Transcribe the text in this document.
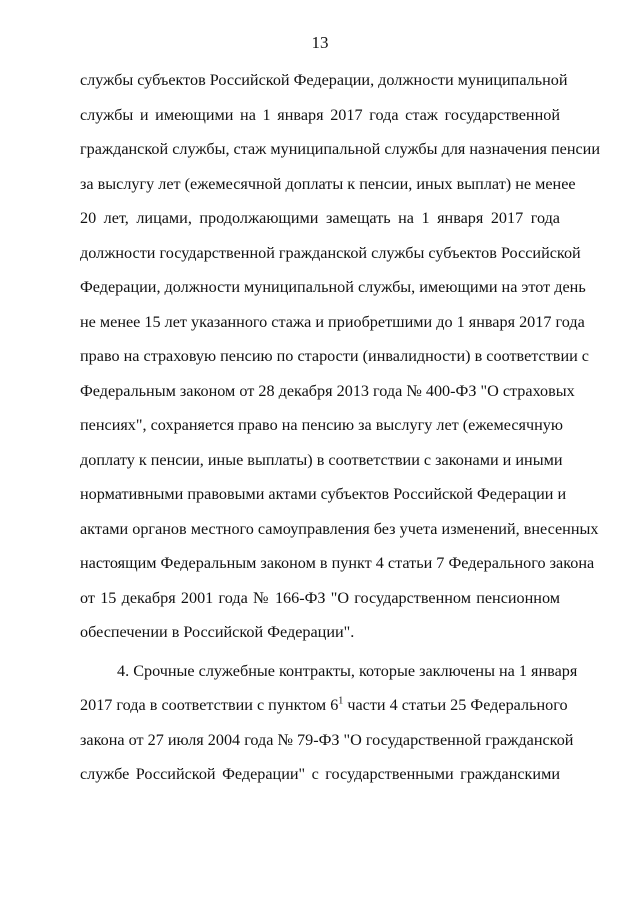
13
службы субъектов Российской Федерации, должности муниципальной
службы и имеющими на 1 января 2017 года стаж государственной
гражданской службы, стаж муниципальной службы для назначения пенсии
за выслугу лет (ежемесячной доплаты к пенсии, иных выплат) не менее
20 лет, лицами, продолжающими замещать на 1 января 2017 года
должности государственной гражданской службы субъектов Российской
Федерации, должности муниципальной службы, имеющими на этот день
не менее 15 лет указанного стажа и приобретшими до 1 января 2017 года
право на страховую пенсию по старости (инвалидности) в соответствии с
Федеральным законом от 28 декабря 2013 года № 400-ФЗ "О страховых
пенсиях", сохраняется право на пенсию за выслугу лет (ежемесячную
доплату к пенсии, иные выплаты) в соответствии с законами и иными
нормативными правовыми актами субъектов Российской Федерации и
актами органов местного самоуправления без учета изменений, внесенных
настоящим Федеральным законом в пункт 4 статьи 7 Федерального закона
от 15 декабря 2001 года № 166-ФЗ "О государственном пенсионном
обеспечении в Российской Федерации".
4. Срочные служебные контракты, которые заключены на 1 января
2017 года в соответствии с пунктом $6^1$ части 4 статьи 25 Федерального
закона от 27 июля 2004 года № 79-ФЗ "О государственной гражданской
службе Российской Федерации" с государственными гражданскими
